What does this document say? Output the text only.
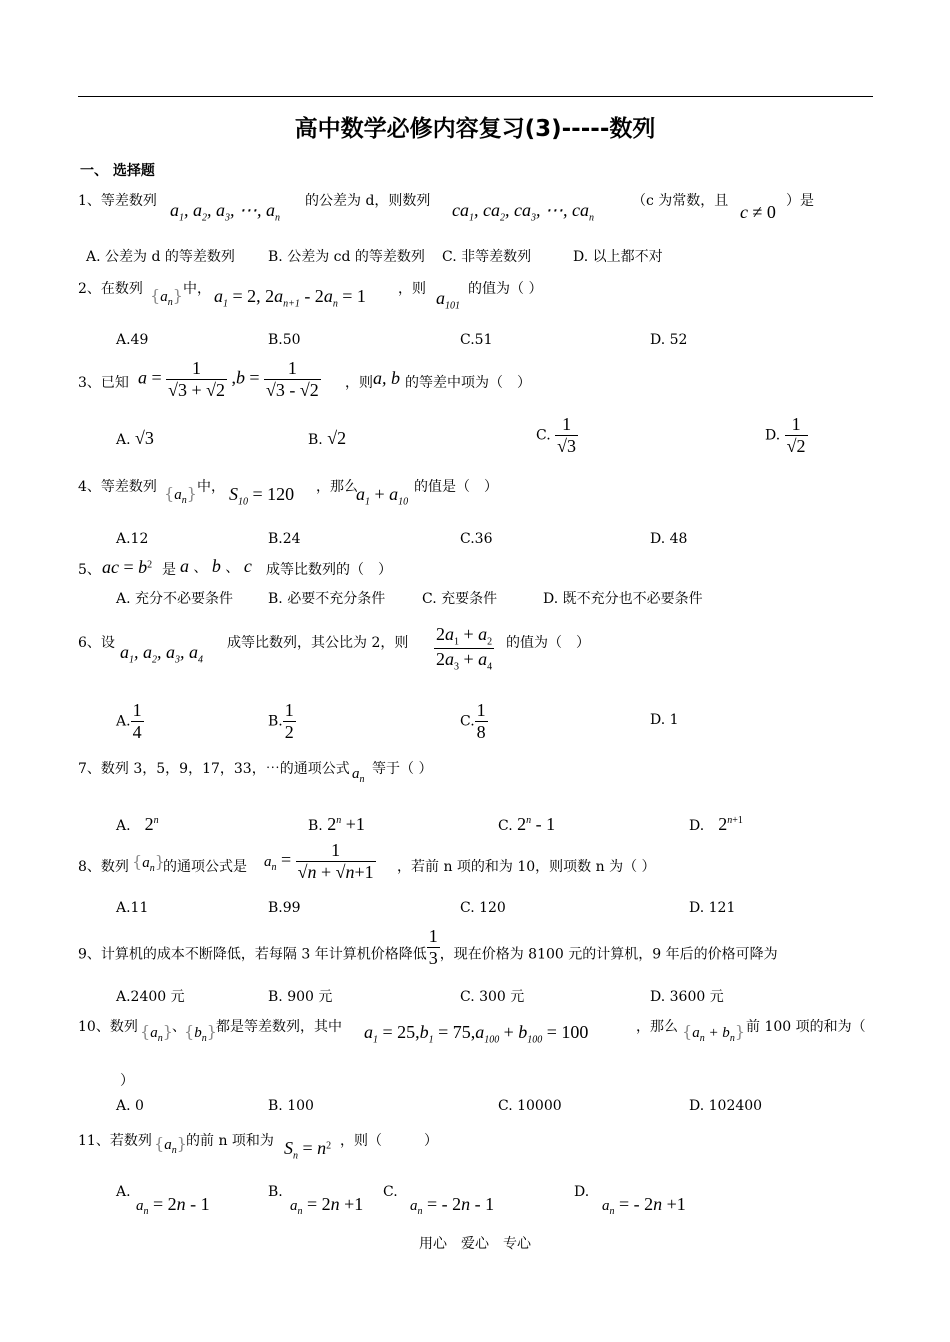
高中数学必修内容复习(3)-----数列
一、 选择题
1、等差数列 $a_1$, $a_2$, $a_3$, ⋯, $a_n$
的公差为 d，则数列 $ca_1$, $ca_2$, $ca_3$, ⋯, $ca_n$
（c 为常数，且
c ≠ 0
）是
A. 公差为 d 的等差数列 B. 公差为 cd 的等差数列 C. 非等差数列	D. 以上都不对
2、在数列 $\{a_n\}$ 中， $a_1 = 2$, $2a_{n+1} - 2a_n = 1$ ，则 $a_{101}$
的值为（ ）
A.49	B.50	C.51	D. 52
3、已知 $a = \frac{1}{√3 + √2} ,b = \frac{1}{√3 - √2}$ ，则 a, b 的等差中项为（　）
A. √3	B. √2	C. $\frac{1}{√3}$	D. $\frac{1}{√2}$
4、等差数列 $\{a_n\}$ 中， $S_{10} = 120$ ，那么
$a_1 + a_{10}$
的值是（　）
A.12	B.24	C.36	D. 48
5、 ac = $b^2$ 是 a 、 b 、 c 成等比数列的（　）
A. 充分不必要条件 B. 必要不充分条件	C. 充要条件	D. 既不充分也不必要条件
6、设 $a_1$, $a_2$, $a_3$, $a_4$
成等比数列，其公比为 2，则 $\frac{2a_1 + a_2}{2a_3 + a_4}$ 的值为（　）
A. $\frac{1}{4}$	B. $\frac{1}{2}$	C. $\frac{1}{8}$	D. 1
7、数列 3，5，9，17，33，⋯的通项公式 $a_n$
等于（ ）
A.　 2$^n$	B. $2^n +1$	C. 2$^n$ - 1	D.　 $2^{n+1}$
8、数列 $\{a_n\}$
的通项公式是 $a_n = \frac{1}{√n + √n+1}$ ，若前 n 项的和为 10，则项数 n 为（ ）
A.11	B.99	C. 120	D. 121
9、计算机的成本不断降低，若每隔 3 年计算机价格降低 $\frac{1}{3}$ ，现在价格为 8100 元的计算机，9 年后的价格可降为
A.2400 元	B. 900 元	C. 300 元	D. 3600 元
10、数列 $\{a_n\}$ 、
$\{b_n\}$ 都是等差数列，其中 $a_1 = 25,b_1 = 75,a_{100} + b_{100} = 100$	，那么 $\{a_n + b_n\}$ 前 100 项的和为（
）
A. 0	B. 100	C. 10000	D. 102400
11、若数列 $\{a_n\}$ 的前 n 项和为 $S_n = n^2$ ，则（　　　）
A.
$a_n = 2n - 1$
B.
$a_n = 2n +1$
C.
$a_n$ = - 2n - 1
D.
$a_n$ = - 2n +1
用心　爱心　专心
